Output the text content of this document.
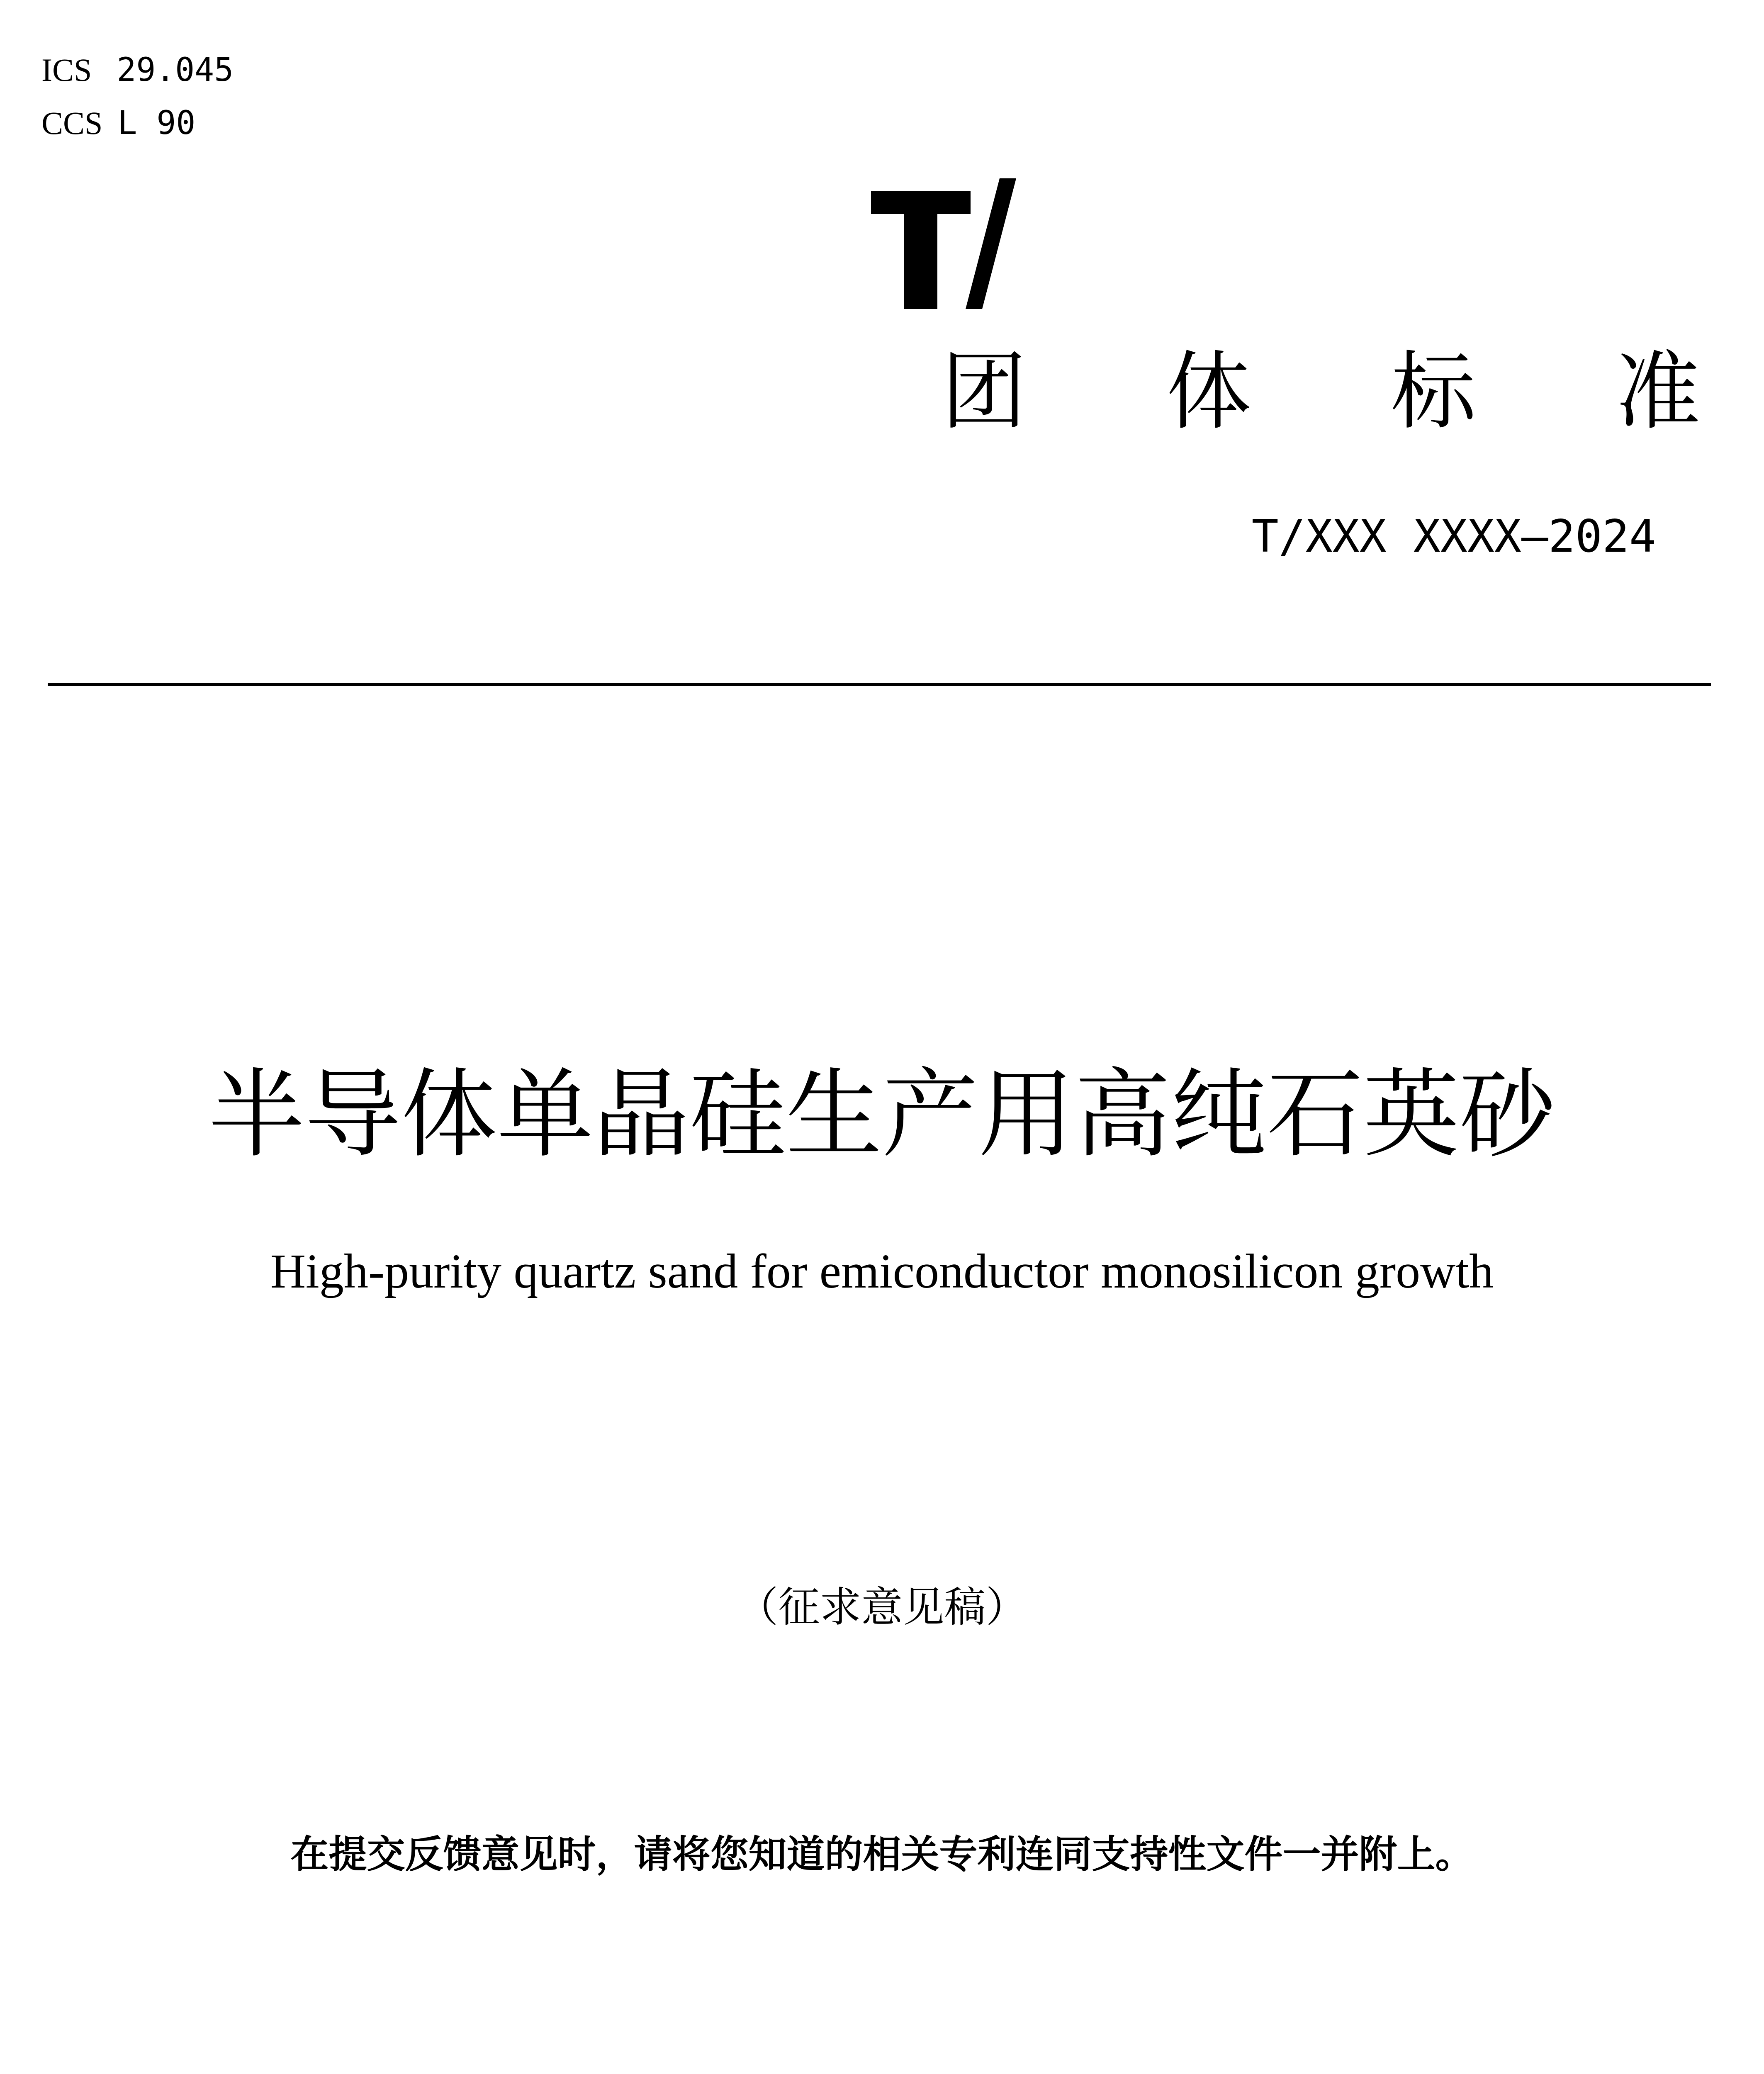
ICS 29.045
CCS L 90
团 体 标 准
T/XXX XXXX—2024
半导体单晶硅生产用高纯石英砂
High-purity quartz sand for emiconductor monosilicon growth
（征求意见稿）
在提交反馈意见时，请将您知道的相关专利连同支持性文件一并附上。
